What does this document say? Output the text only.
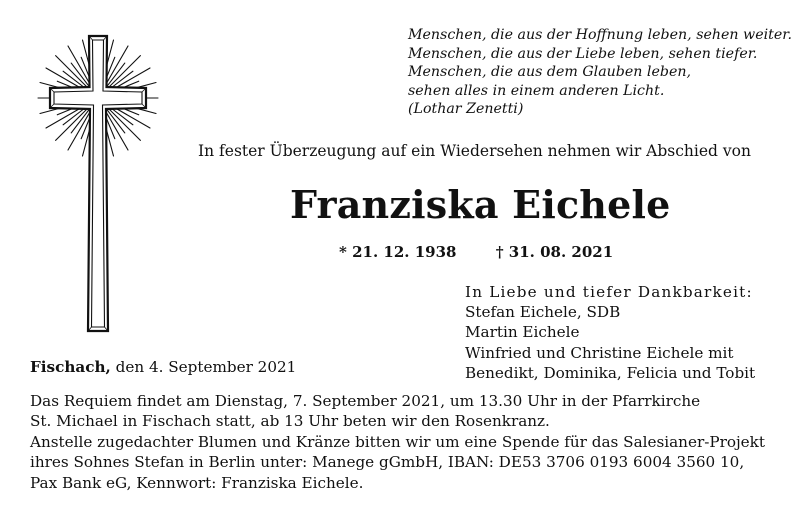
Menschen, die aus der Hoffnung leben, sehen weiter.
Menschen, die aus der Liebe leben, sehen tiefer.
Menschen, die aus dem Glauben leben,
sehen alles in einem anderen Licht.
(Lothar Zenetti)
In fester Überzeugung auf ein Wiedersehen nehmen wir Abschied von
Franziska Eichele
* 21. 12. 1938	† 31. 08. 2021
In Liebe und tiefer Dankbarkeit:
Stefan Eichele, SDB
Martin Eichele
Winfried und Christine Eichele mit
Benedikt, Dominika, Felicia und Tobit
Fischach, den 4. September 2021
Das Requiem findet am Dienstag, 7. September 2021, um 13.30 Uhr in der Pfarrkirche
St. Michael in Fischach statt, ab 13 Uhr beten wir den Rosenkranz.
Anstelle zugedachter Blumen und Kränze bitten wir um eine Spende für das Salesianer-Projekt
ihres Sohnes Stefan in Berlin unter: Manege gGmbH, IBAN: DE53 3706 0193 6004 3560 10,
Pax Bank eG, Kennwort: Franziska Eichele.
